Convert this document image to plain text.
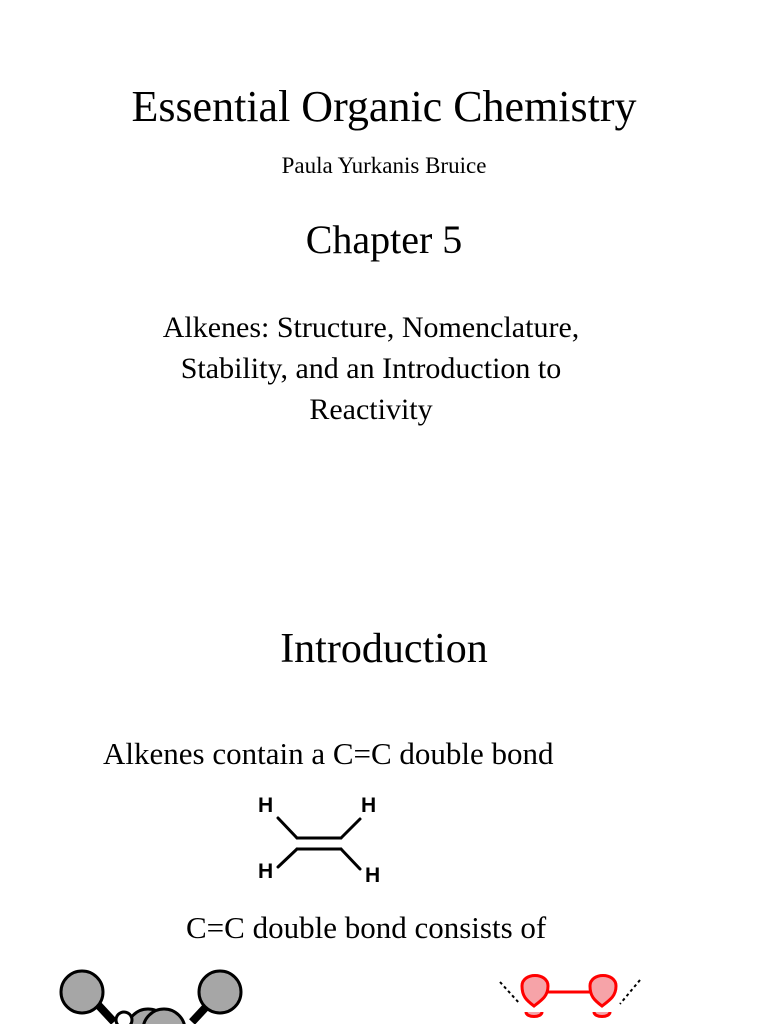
Essential Organic Chemistry
Paula Yurkanis Bruice
Chapter 5
Alkenes: Structure, Nomenclature, Stability, and an Introduction to Reactivity
Introduction
Alkenes contain a C=C double bond
H	H
H	H
C=C double bond consists of
